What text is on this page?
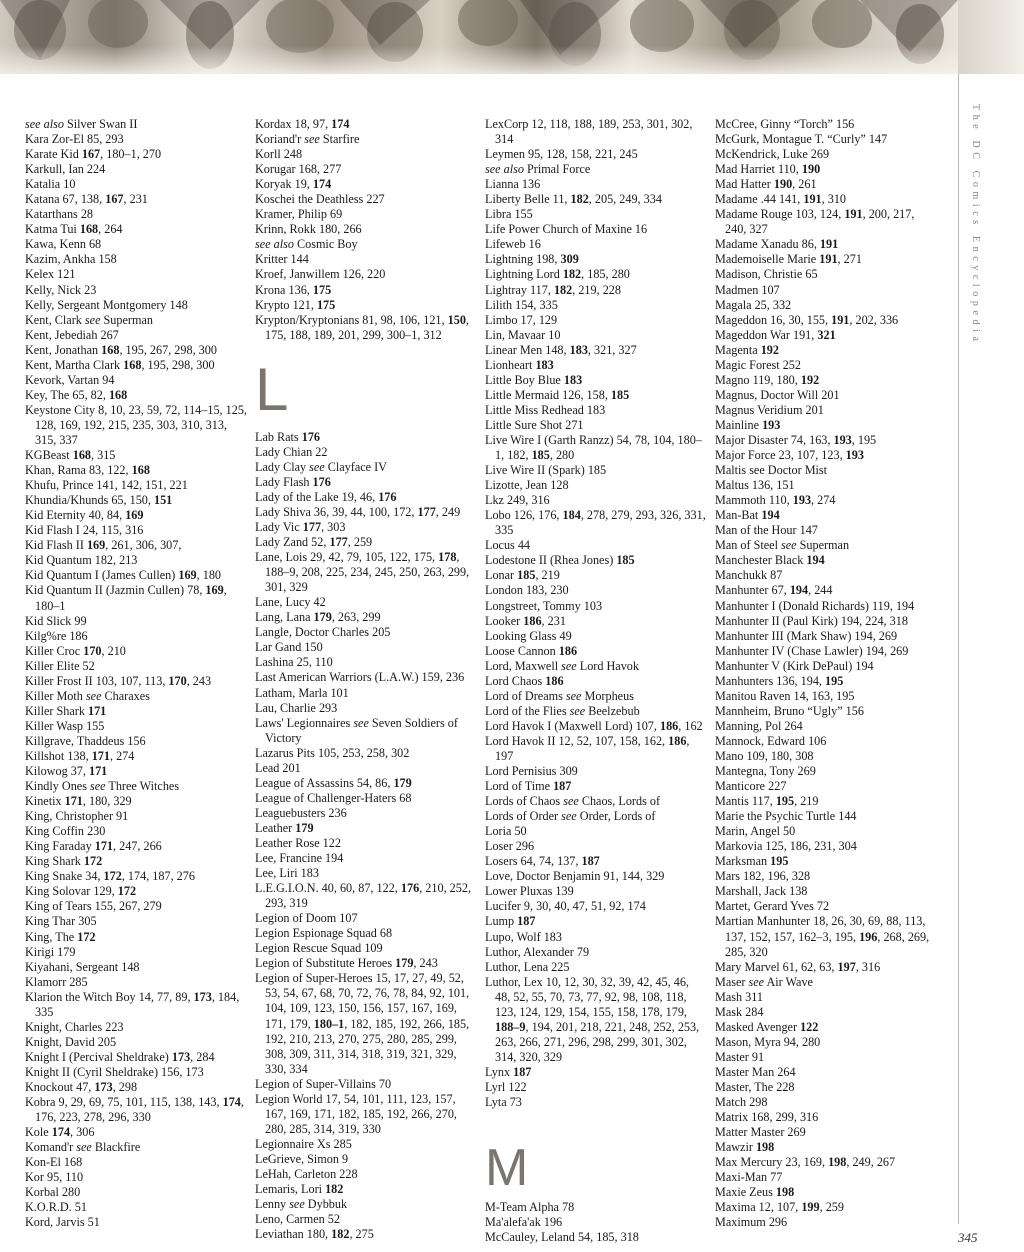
The DC Comics Encyclopedia
see also Silver Swan II
Kara Zor-El 85, 293
Karate Kid 167, 180–1, 270
Karkull, Ian 224
Katalia 10
Katana 67, 138, 167, 231
Katarthans 28
Katma Tui 168, 264
Kawa, Kenn 68
Kazim, Ankha 158
Kelex 121
Kelly, Nick 23
Kelly, Sergeant Montgomery 148
Kent, Clark see Superman
Kent, Jebediah 267
Kent, Jonathan 168, 195, 267, 298, 300
Kent, Martha Clark 168, 195, 298, 300
Kevork, Vartan 94
Key, The 65, 82, 168
Keystone City 8, 10, 23, 59, 72, 114–15, 125, 128, 169, 192, 215, 235, 303, 310, 313, 315, 337
KGBeast 168, 315
Khan, Rama 83, 122, 168
Khufu, Prince 141, 142, 151, 221
Khundia/Khunds 65, 150, 151
Kid Eternity 40, 84, 169
Kid Flash I 24, 115, 316
Kid Flash II 169, 261, 306, 307,
Kid Quantum 182, 213
Kid Quantum I (James Cullen) 169, 180
Kid Quantum II (Jazmin Cullen) 78, 169, 180–1
Kid Slick 99
Kilg%re 186
Killer Croc 170, 210
Killer Elite 52
Killer Frost II 103, 107, 113, 170, 243
Killer Moth see Charaxes
Killer Shark 171
Killer Wasp 155
Killgrave, Thaddeus 156
Killshot 138, 171, 274
Kilowog 37, 171
Kindly Ones see Three Witches
Kinetix 171, 180, 329
King, Christopher 91
King Coffin 230
King Faraday 171, 247, 266
King Shark 172
King Snake 34, 172, 174, 187, 276
King Solovar 129, 172
King of Tears 155, 267, 279
King Thar 305
King, The 172
Kirigi 179
Kiyahani, Sergeant 148
Klamorr 285
Klarion the Witch Boy 14, 77, 89, 173, 184, 335
Knight, Charles 223
Knight, David 205
Knight I (Percival Sheldrake) 173, 284
Knight II (Cyril Sheldrake) 156, 173
Knockout 47, 173, 298
Kobra 9, 29, 69, 75, 101, 115, 138, 143, 174, 176, 223, 278, 296, 330
Kole 174, 306
Komand'r see Blackfire
Kon-El 168
Kor 95, 110
Korbal 280
K.O.R.D. 51
Kord, Jarvis 51
Kordax 18, 97, 174
Koriand'r see Starfire
Korll 248
Korugar 168, 277
Koryak 19, 174
Koschei the Deathless 227
Kramer, Philip 69
Krinn, Rokk 180, 266
see also Cosmic Boy
Kritter 144
Kroef, Janwillem 126, 220
Krona 136, 175
Krypto 121, 175
Krypton/Kryptonians 81, 98, 106, 121, 150, 175, 188, 189, 201, 299, 300–1, 312
L
Lab Rats 176
Lady Chian 22
Lady Clay see Clayface IV
Lady Flash 176
Lady of the Lake 19, 46, 176
Lady Shiva 36, 39, 44, 100, 172, 177, 249
Lady Vic 177, 303
Lady Zand 52, 177, 259
Lane, Lois 29, 42, 79, 105, 122, 175, 178, 188–9, 208, 225, 234, 245, 250, 263, 299, 301, 329
Lane, Lucy 42
Lang, Lana 179, 263, 299
Langle, Doctor Charles 205
Lar Gand 150
Lashina 25, 110
Last American Warriors (L.A.W.) 159, 236
Latham, Marla 101
Lau, Charlie 293
Laws' Legionnaires see Seven Soldiers of Victory
Lazarus Pits 105, 253, 258, 302
Lead 201
League of Assassins 54, 86, 179
League of Challenger-Haters 68
Leaguebusters 236
Leather 179
Leather Rose 122
Lee, Francine 194
Lee, Liri 183
L.E.G.I.O.N. 40, 60, 87, 122, 176, 210, 252, 293, 319
Legion of Doom 107
Legion Espionage Squad 68
Legion Rescue Squad 109
Legion of Substitute Heroes 179, 243
Legion of Super-Heroes 15, 17, 27, 49, 52, 53, 54, 67, 68, 70, 72, 76, 78, 84, 92, 101, 104, 109, 123, 150, 156, 157, 167, 169, 171, 179, 180–1, 182, 185, 192, 266, 185, 192, 210, 213, 270, 275, 280, 285, 299, 308, 309, 311, 314, 318, 319, 321, 329, 330, 334
Legion of Super-Villains 70
Legion World 17, 54, 101, 111, 123, 157, 167, 169, 171, 182, 185, 192, 266, 270, 280, 285, 314, 319, 330
Legionnaire Xs 285
LeGrieve, Simon 9
LeHah, Carleton 228
Lemaris, Lori 182
Lenny see Dybbuk
Leno, Carmen 52
Leviathan 180, 182, 275
LexCorp 12, 118, 188, 189, 253, 301, 302, 314
Leymen 95, 128, 158, 221, 245
see also Primal Force
Lianna 136
Liberty Belle 11, 182, 205, 249, 334
Libra 155
Life Power Church of Maxine 16
Lifeweb 16
Lightning 198, 309
Lightning Lord 182, 185, 280
Lightray 117, 182, 219, 228
Lilith 154, 335
Limbo 17, 129
Lin, Mavaar 10
Linear Men 148, 183, 321, 327
Lionheart 183
Little Boy Blue 183
Little Mermaid 126, 158, 185
Little Miss Redhead 183
Little Sure Shot 271
Live Wire I (Garth Ranzz) 54, 78, 104, 180–1, 182, 185, 280
Live Wire II (Spark) 185
Lizotte, Jean 128
Lkz 249, 316
Lobo 126, 176, 184, 278, 279, 293, 326, 331, 335
Locus 44
Lodestone II (Rhea Jones) 185
Lonar 185, 219
London 183, 230
Longstreet, Tommy 103
Looker 186, 231
Looking Glass 49
Loose Cannon 186
Lord, Maxwell see Lord Havok
Lord Chaos 186
Lord of Dreams see Morpheus
Lord of the Flies see Beelzebub
Lord Havok I (Maxwell Lord) 107, 186, 162
Lord Havok II 12, 52, 107, 158, 162, 186, 197
Lord Pernisius 309
Lord of Time 187
Lords of Chaos see Chaos, Lords of
Lords of Order see Order, Lords of
Loria 50
Loser 296
Losers 64, 74, 137, 187
Love, Doctor Benjamin 91, 144, 329
Lower Pluxas 139
Lucifer 9, 30, 40, 47, 51, 92, 174
Lump 187
Lupo, Wolf 183
Luthor, Alexander 79
Luthor, Lena 225
Luthor, Lex 10, 12, 30, 32, 39, 42, 45, 46, 48, 52, 55, 70, 73, 77, 92, 98, 108, 118, 123, 124, 129, 154, 155, 158, 178, 179, 188–9, 194, 201, 218, 221, 248, 252, 253, 263, 266, 271, 296, 298, 299, 301, 302, 314, 320, 329
Lynx 187
Lyrl 122
Lyta 73
M
M-Team Alpha 78
Ma'alefa'ak 196
McCauley, Leland 54, 185, 318
McCree, Ginny “Torch” 156
McGurk, Montague T. “Curly” 147
McKendrick, Luke 269
Mad Harriet 110, 190
Mad Hatter 190, 261
Madame .44 141, 191, 310
Madame Rouge 103, 124, 191, 200, 217, 240, 327
Madame Xanadu 86, 191
Mademoiselle Marie 191, 271
Madison, Christie 65
Madmen 107
Magala 25, 332
Mageddon 16, 30, 155, 191, 202, 336
Mageddon War 191, 321
Magenta 192
Magic Forest 252
Magno 119, 180, 192
Magnus, Doctor Will 201
Magnus Veridium 201
Mainline 193
Major Disaster 74, 163, 193, 195
Major Force 23, 107, 123, 193
Maltis see Doctor Mist
Maltus 136, 151
Mammoth 110, 193, 274
Man-Bat 194
Man of the Hour 147
Man of Steel see Superman
Manchester Black 194
Manchukk 87
Manhunter 67, 194, 244
Manhunter I (Donald Richards) 119, 194
Manhunter II (Paul Kirk) 194, 224, 318
Manhunter III (Mark Shaw) 194, 269
Manhunter IV (Chase Lawler) 194, 269
Manhunter V (Kirk DePaul) 194
Manhunters 136, 194, 195
Manitou Raven 14, 163, 195
Mannheim, Bruno “Ugly” 156
Manning, Pol 264
Mannock, Edward 106
Mano 109, 180, 308
Mantegna, Tony 269
Manticore 227
Mantis 117, 195, 219
Marie the Psychic Turtle 144
Marin, Angel 50
Markovia 125, 186, 231, 304
Marksman 195
Mars 182, 196, 328
Marshall, Jack 138
Martet, Gerard Yves 72
Martian Manhunter 18, 26, 30, 69, 88, 113, 137, 152, 157, 162–3, 195, 196, 268, 269, 285, 320
Mary Marvel 61, 62, 63, 197, 316
Maser see Air Wave
Mash 311
Mask 284
Masked Avenger 122
Mason, Myra 94, 280
Master 91
Master Man 264
Master, The 228
Match 298
Matrix 168, 299, 316
Matter Master 269
Mawzir 198
Max Mercury 23, 169, 198, 249, 267
Maxi-Man 77
Maxie Zeus 198
Maxima 12, 107, 199, 259
Maximum 296
345
